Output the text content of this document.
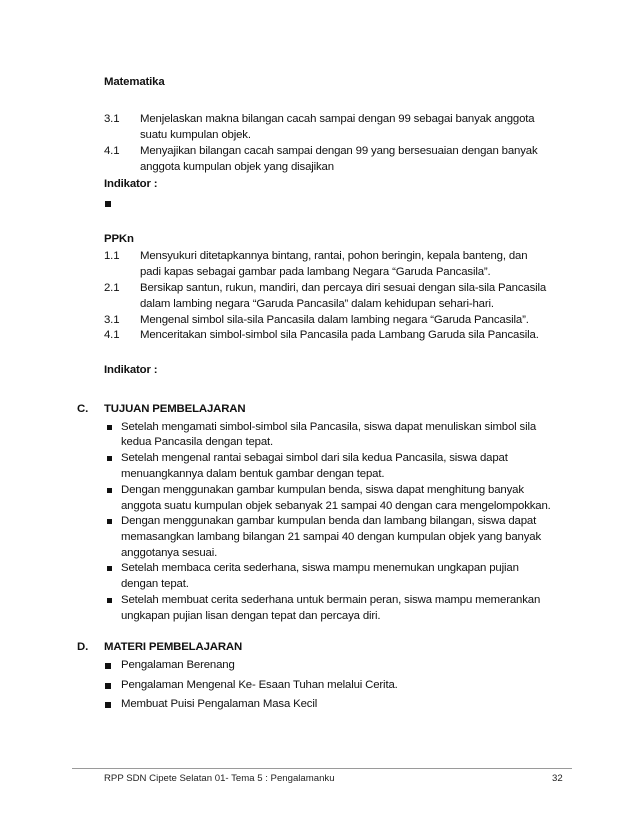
Matematika
3.1 Menjelaskan makna bilangan cacah sampai dengan 99 sebagai banyak anggota
suatu kumpulan objek.
4.1 Menyajikan bilangan cacah sampai dengan 99 yang bersesuaian dengan banyak
anggota kumpulan objek yang disajikan
Indikator :
PPKn
1.1 Mensyukuri ditetapkannya bintang, rantai, pohon beringin, kepala banteng, dan
padi kapas sebagai gambar pada lambang Negara “Garuda Pancasila”.
2.1 Bersikap santun, rukun, mandiri, dan percaya diri sesuai dengan sila-sila Pancasila
dalam lambing negara “Garuda Pancasila” dalam kehidupan sehari-hari.
3.1 Mengenal simbol sila-sila Pancasila dalam lambing negara “Garuda Pancasila”.
4.1 Menceritakan simbol-simbol sila Pancasila pada Lambang Garuda sila Pancasila.
Indikator :
C. TUJUAN PEMBELAJARAN
Setelah mengamati simbol-simbol sila Pancasila, siswa dapat menuliskan simbol sila
kedua Pancasila dengan tepat.
Setelah mengenal rantai sebagai simbol dari sila kedua Pancasila, siswa dapat
menuangkannya dalam bentuk gambar dengan tepat.
Dengan menggunakan gambar kumpulan benda, siswa dapat menghitung banyak
anggota suatu kumpulan objek sebanyak 21 sampai 40 dengan cara mengelompokkan.
Dengan menggunakan gambar kumpulan benda dan lambang bilangan, siswa dapat
memasangkan lambang bilangan 21 sampai 40 dengan kumpulan objek yang banyak
anggotanya sesuai.
Setelah membaca cerita sederhana, siswa mampu menemukan ungkapan pujian
dengan tepat.
Setelah membuat cerita sederhana untuk bermain peran, siswa mampu memerankan
ungkapan pujian lisan dengan tepat dan percaya diri.
D. MATERI PEMBELAJARAN
Pengalaman Berenang
Pengalaman Mengenal Ke- Esaan Tuhan melalui Cerita.
Membuat Puisi Pengalaman Masa Kecil
RPP SDN Cipete Selatan 01- Tema 5 : Pengalamanku	32
